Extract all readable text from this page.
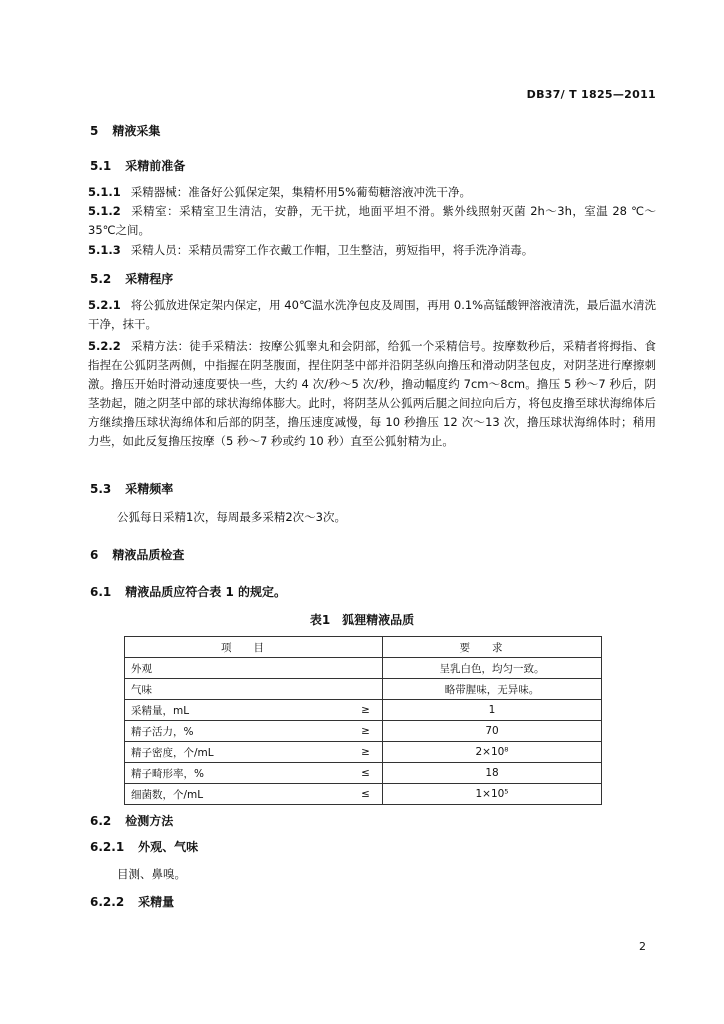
DB37/ T 1825—2011
5 精液采集
5.1 采精前准备
5.1.1 采精器械：准备好公狐保定架，集精杯用5%葡萄糖溶液冲洗干净。
5.1.2 采精室：采精室卫生清洁，安静，无干扰，地面平坦不滑。紫外线照射灭菌 2h～3h，室温 28 ℃～35℃之间。
5.1.3 采精人员：采精员需穿工作衣戴工作帽，卫生整洁，剪短指甲，将手洗净消毒。
5.2 采精程序
5.2.1 将公狐放进保定架内保定，用 40℃温水洗净包皮及周围，再用 0.1%高锰酸钾溶液清洗，最后温水清洗干净，抹干。
5.2.2 采精方法：徒手采精法：按摩公狐睾丸和会阴部，给狐一个采精信号。按摩数秒后，采精者将拇指、食指捏在公狐阴茎两侧，中指握在阴茎腹面，捏住阴茎中部并沿阴茎纵向撸压和滑动阴茎包皮，对阴茎进行摩擦刺激。撸压开始时滑动速度要快一些，大约 4 次/秒～5 次/秒，撸动幅度约 7cm～8cm。撸压 5 秒～7 秒后，阴茎勃起，随之阴茎中部的球状海绵体膨大。此时，将阴茎从公狐两后腿之间拉向后方，将包皮撸至球状海绵体后方继续撸压球状海绵体和后部的阴茎，撸压速度减慢，每 10 秒撸压 12 次～13 次，撸压球状海绵体时；稍用力些，如此反复撸压按摩（5 秒～7 秒或约 10 秒）直至公狐射精为止。
5.3 采精频率
公狐每日采精1次，每周最多采精2次～3次。
6 精液品质检查
6.1 精液品质应符合表 1 的规定。
表1　狐狸精液品质
项目		要求
外观		呈乳白色，均匀一致。
气味		略带腥味，无异味。
采精量，mL	≥	1
精子活力，%	≥	70
精子密度，个/mL	≥	2×10⁸
精子畸形率，%	≤	18
细菌数，个/mL	≤	1×10⁵
6.2 检测方法
6.2.1 外观、气味
目测、鼻嗅。
6.2.2 采精量
2
